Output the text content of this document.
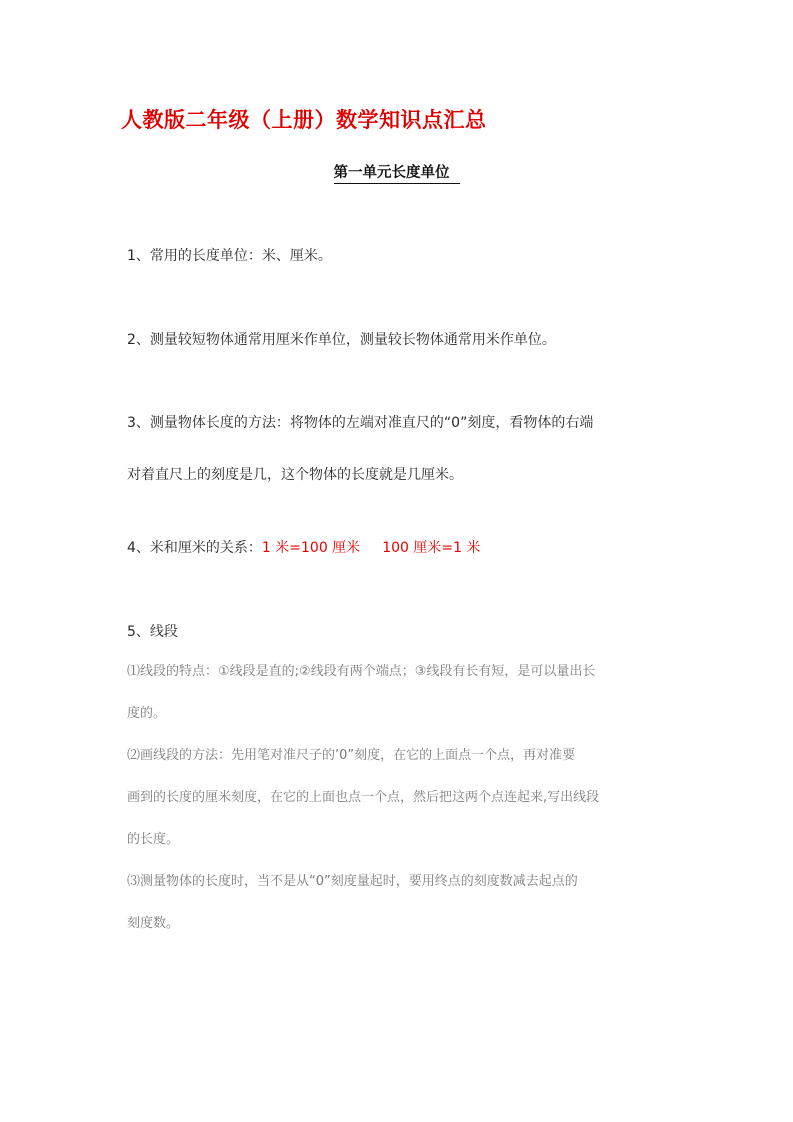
人教版二年级（上册）数学知识点汇总
第一单元长度单位
1、常用的长度单位：米、厘米。
2、测量较短物体通常用厘米作单位，测量较长物体通常用米作单位。
3、测量物体长度的方法：将物体的左端对准直尺的“0”刻度，看物体的右端
对着直尺上的刻度是几，这个物体的长度就是几厘米。
4、米和厘米的关系：1 米=100 厘米 100 厘米=1 米
5、线段
⑴线段的特点：①线段是直的;②线段有两个端点；③线段有长有短，是可以量出长
度的。
⑵画线段的方法：先用笔对准尺子的’0”刻度，在它的上面点一个点，再对准要
画到的长度的厘米刻度，在它的上面也点一个点，然后把这两个点连起来,写出线段
的长度。
⑶测量物体的长度时，当不是从“0”刻度量起时，要用终点的刻度数减去起点的
刻度数。
